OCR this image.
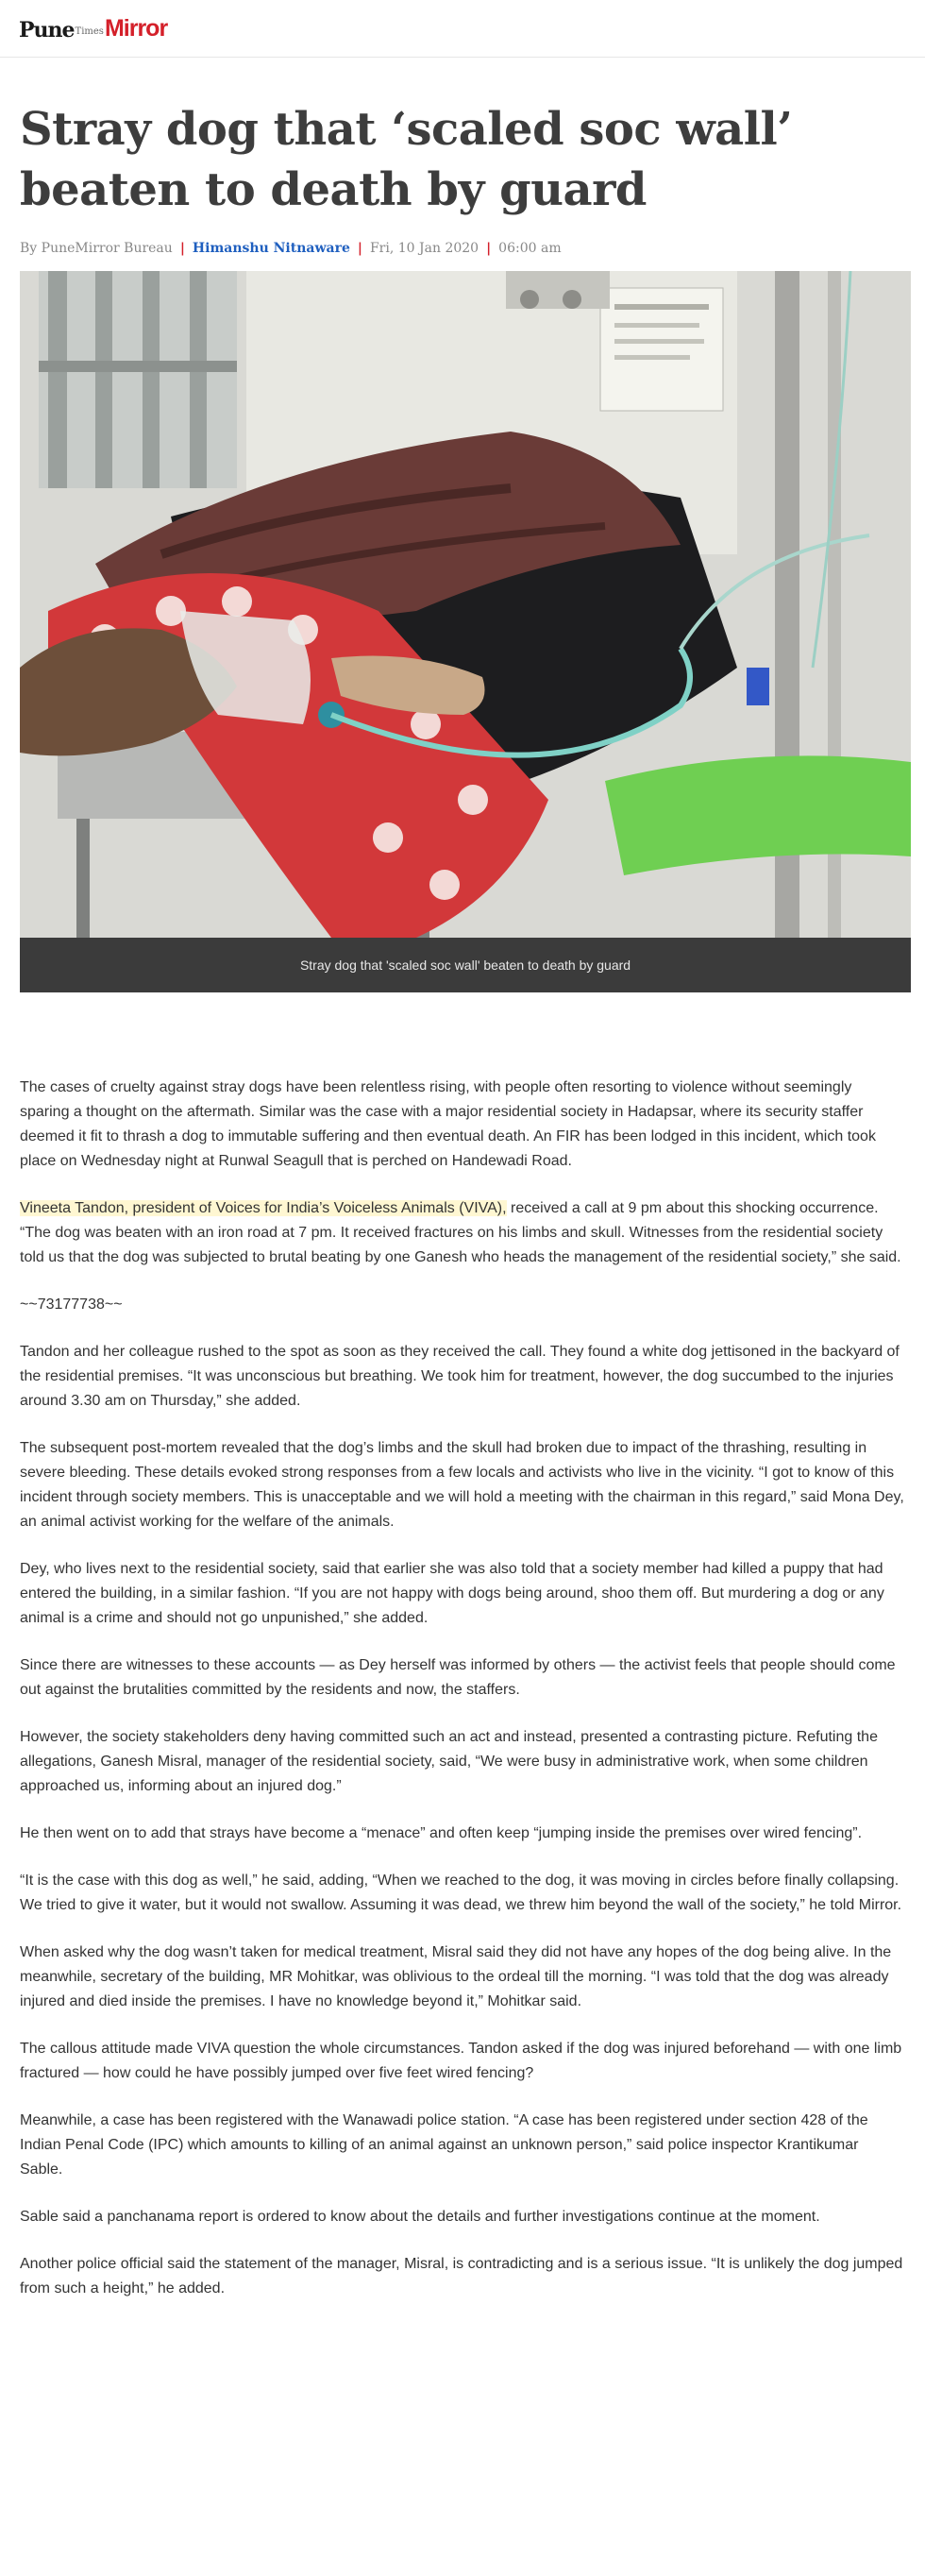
Pune Times Mirror
Stray dog that ‘scaled soc wall’ beaten to death by guard
By PuneMirror Bureau | Himanshu Nitnaware | Fri, 10 Jan 2020 | 06:00 am
Stray dog that 'scaled soc wall' beaten to death by guard

The cases of cruelty against stray dogs have been relentless rising, with people often resorting to violence without seemingly sparing a thought on the aftermath. Similar was the case with a major residential society in Hadapsar, where its security staffer deemed it fit to thrash a dog to immutable suffering and then eventual death. An FIR has been lodged in this incident, which took place on Wednesday night at Runwal Seagull that is perched on Handewadi Road.

Vineeta Tandon, president of Voices for India’s Voiceless Animals (VIVA), received a call at 9 pm about this shocking occurrence. “The dog was beaten with an iron road at 7 pm. It received fractures on his limbs and skull. Witnesses from the residential society told us that the dog was subjected to brutal beating by one Ganesh who heads the management of the residential society,” she said.

~~73177738~~

Tandon and her colleague rushed to the spot as soon as they received the call. They found a white dog jettisoned in the backyard of the residential premises. “It was unconscious but breathing. We took him for treatment, however, the dog succumbed to the injuries around 3.30 am on Thursday,” she added.

The subsequent post-mortem revealed that the dog’s limbs and the skull had broken due to impact of the thrashing, resulting in severe bleeding. These details evoked strong responses from a few locals and activists who live in the vicinity. “I got to know of this incident through society members. This is unacceptable and we will hold a meeting with the chairman in this regard,” said Mona Dey, an animal activist working for the welfare of the animals.

Dey, who lives next to the residential society, said that earlier she was also told that a society member had killed a puppy that had entered the building, in a similar fashion. “If you are not happy with dogs being around, shoo them off. But murdering a dog or any animal is a crime and should not go unpunished,” she added.

Since there are witnesses to these accounts — as Dey herself was informed by others — the activist feels that people should come out against the brutalities committed by the residents and now, the staffers.

However, the society stakeholders deny having committed such an act and instead, presented a contrasting picture. Refuting the allegations, Ganesh Misral, manager of the residential society, said, “We were busy in administrative work, when some children approached us, informing about an injured dog.”

He then went on to add that strays have become a “menace” and often keep “jumping inside the premises over wired fencing”.

“It is the case with this dog as well,” he said, adding, “When we reached to the dog, it was moving in circles before finally collapsing. We tried to give it water, but it would not swallow. Assuming it was dead, we threw him beyond the wall of the society,” he told Mirror.

When asked why the dog wasn’t taken for medical treatment, Misral said they did not have any hopes of the dog being alive. In the meanwhile, secretary of the building, MR Mohitkar, was oblivious to the ordeal till the morning. “I was told that the dog was already injured and died inside the premises. I have no knowledge beyond it,” Mohitkar said.

The callous attitude made VIVA question the whole circumstances. Tandon asked if the dog was injured beforehand — with one limb fractured — how could he have possibly jumped over five feet wired fencing?

Meanwhile, a case has been registered with the Wanawadi police station. “A case has been registered under section 428 of the Indian Penal Code (IPC) which amounts to killing of an animal against an unknown person,” said police inspector Krantikumar Sable.

Sable said a panchanama report is ordered to know about the details and further investigations continue at the moment.

Another police official said the statement of the manager, Misral, is contradicting and is a serious issue. “It is unlikely the dog jumped from such a height,” he added.
